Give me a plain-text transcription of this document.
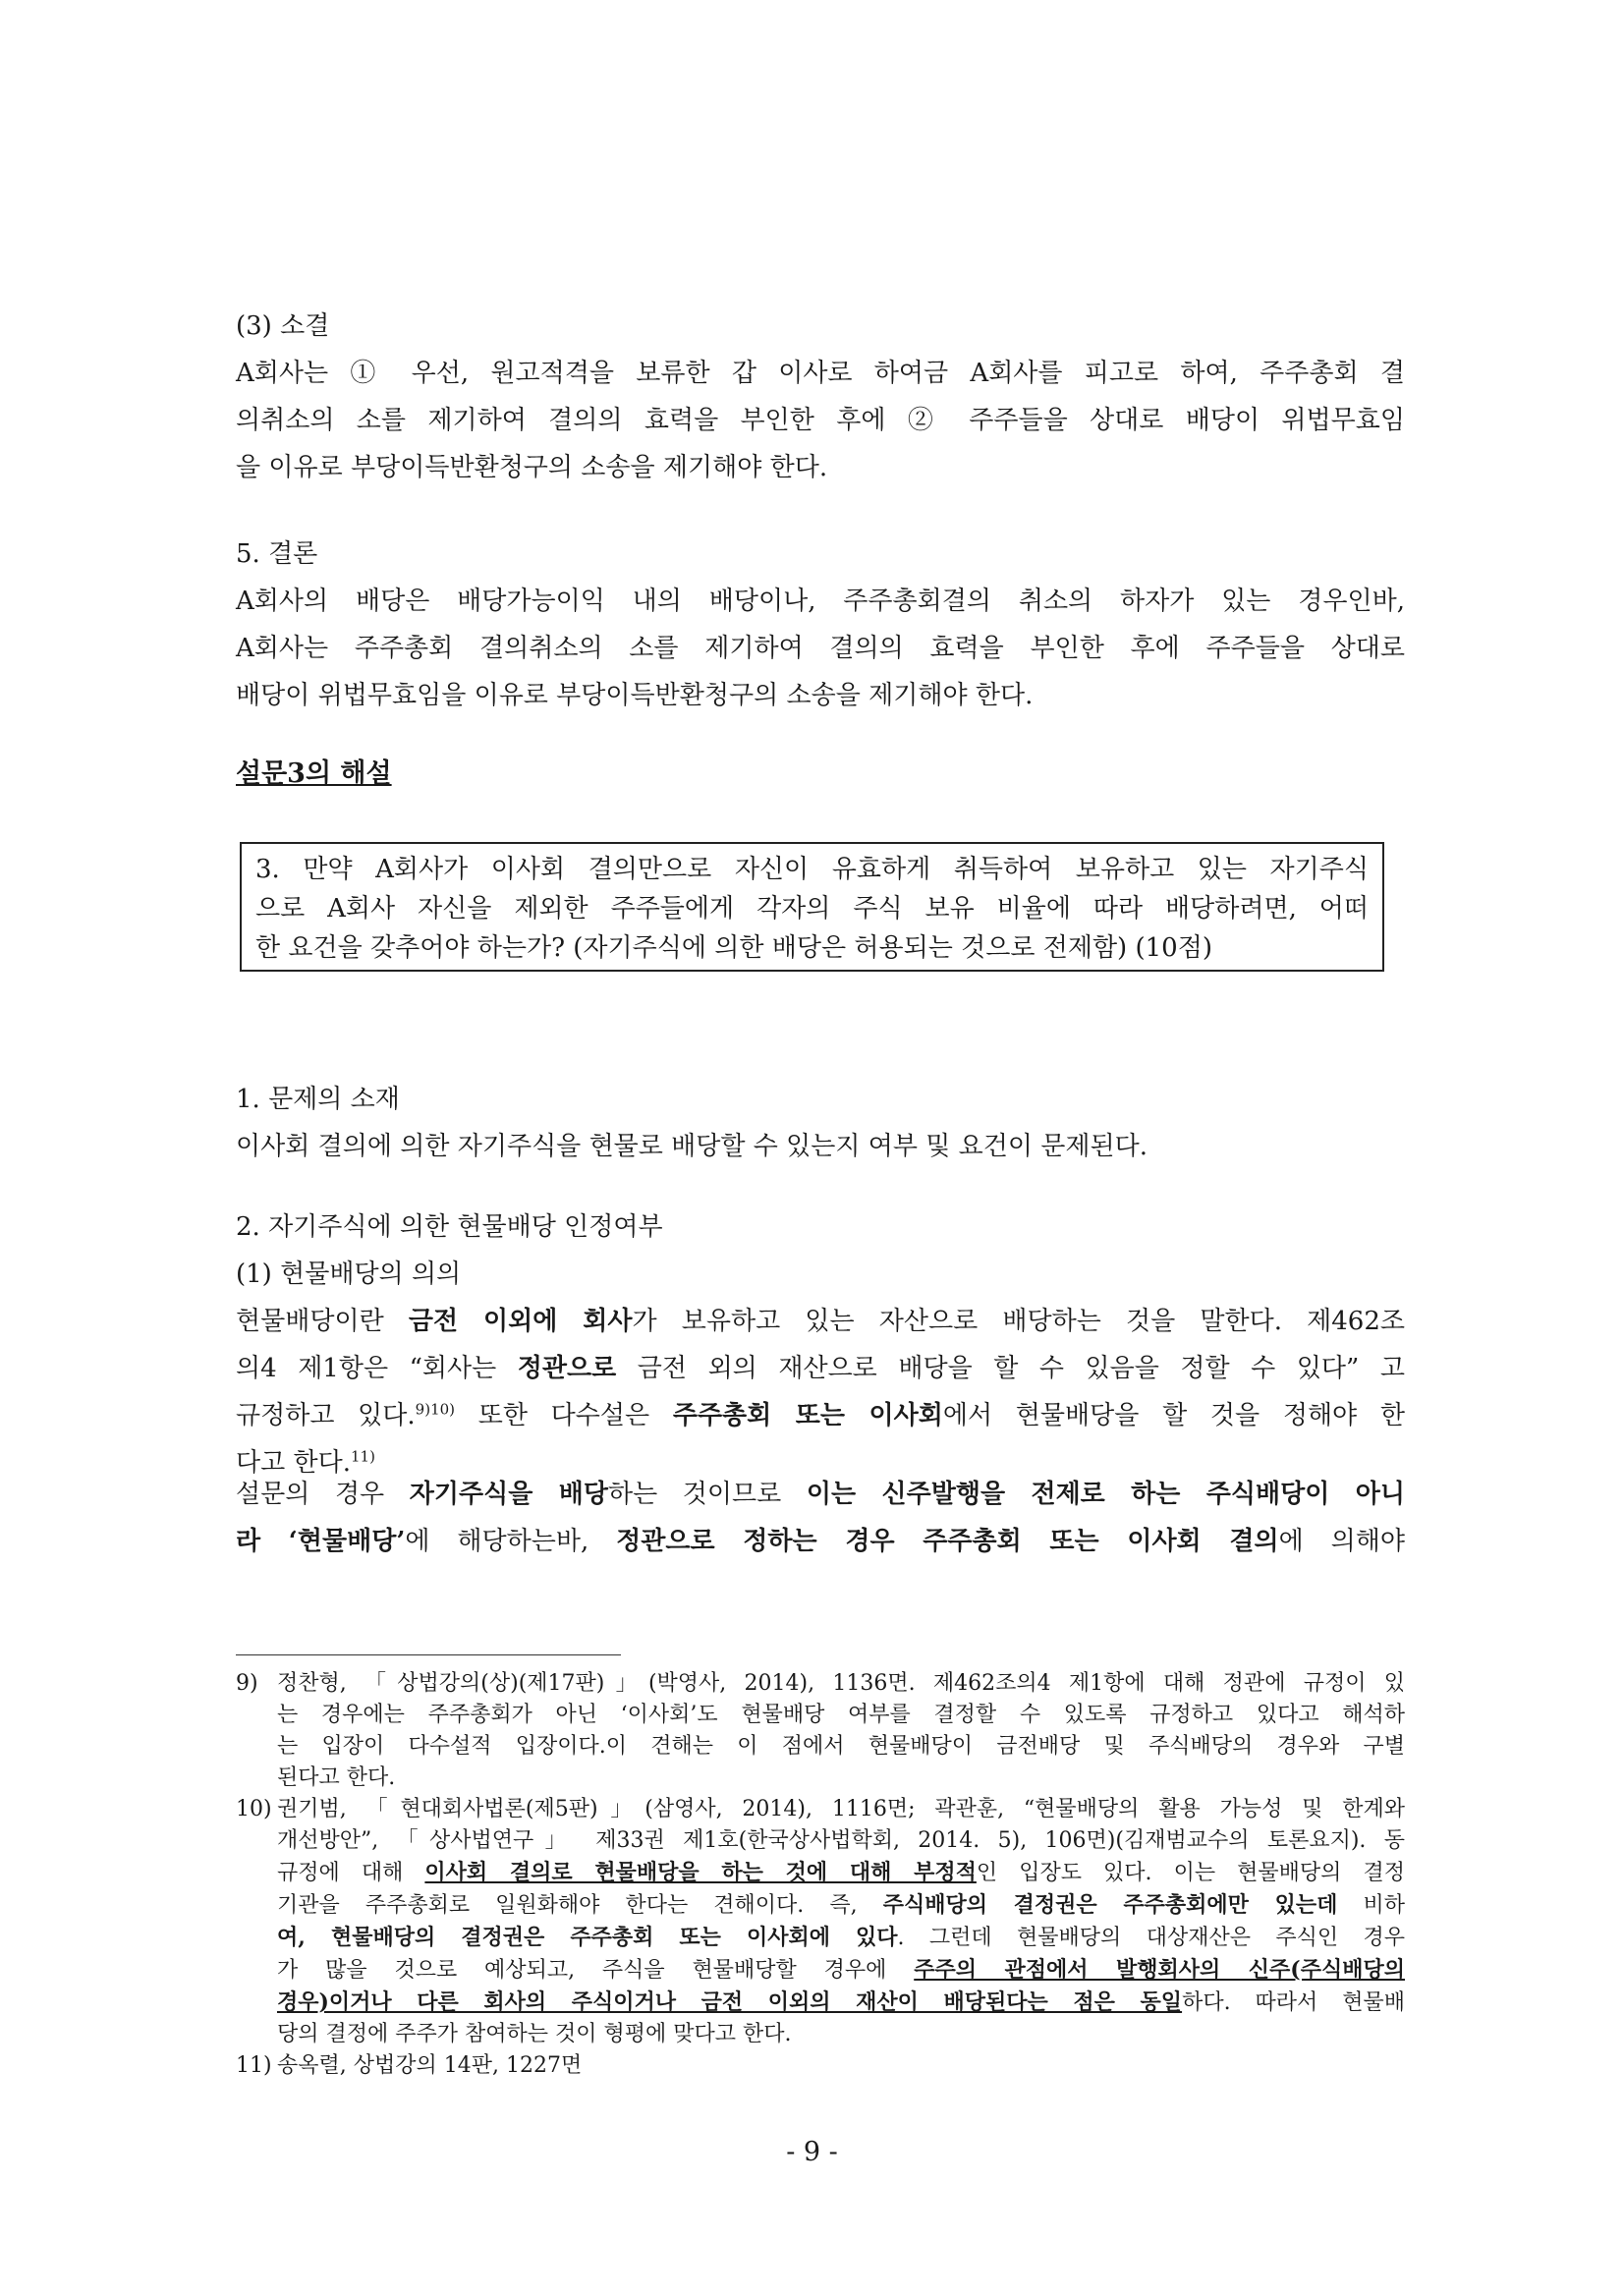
(3) 소결
A회사는 ① 우선, 원고적격을 보류한 갑 이사로 하여금 A회사를 피고로 하여, 주주총회 결
의취소의 소를 제기하여 결의의 효력을 부인한 후에 ② 주주들을 상대로 배당이 위법무효임
을 이유로 부당이득반환청구의 소송을 제기해야 한다.
5. 결론
A회사의 배당은 배당가능이익 내의 배당이나, 주주총회결의 취소의 하자가 있는 경우인바,
A회사는 주주총회 결의취소의 소를 제기하여 결의의 효력을 부인한 후에 주주들을 상대로
배당이 위법무효임을 이유로 부당이득반환청구의 소송을 제기해야 한다.
설문3의 해설
3. 만약 A회사가 이사회 결의만으로 자신이 유효하게 취득하여 보유하고 있는 자기주식
으로 A회사 자신을 제외한 주주들에게 각자의 주식 보유 비율에 따라 배당하려면, 어떠
한 요건을 갖추어야 하는가? (자기주식에 의한 배당은 허용되는 것으로 전제함) (10점)
1. 문제의 소재
이사회 결의에 의한 자기주식을 현물로 배당할 수 있는지 여부 및 요건이 문제된다.
2. 자기주식에 의한 현물배당 인정여부
(1) 현물배당의 의의
현물배당이란 금전 이외에 회사가 보유하고 있는 자산으로 배당하는 것을 말한다. 제462조
의4 제1항은 “회사는 정관으로 금전 외의 재산으로 배당을 할 수 있음을 정할 수 있다” 고
규정하고 있다.$^{9)10)}$ 또한 다수설은 주주총회 또는 이사회에서 현물배당을 할 것을 정해야 한
다고 한다.$^{11)}$
설문의 경우 자기주식을 배당하는 것이므로 이는 신주발행을 전제로 하는 주식배당이 아니
라 ‘현물배당’에 해당하는바, 정관으로 정하는 경우 주주총회 또는 이사회 결의에 의해야
9) 정찬형, 「상법강의(상)(제17판)」(박영사, 2014), 1136면. 제462조의4 제1항에 대해 정관에 규정이 있
는 경우에는 주주총회가 아닌 ‘이사회’도 현물배당 여부를 결정할 수 있도록 규정하고 있다고 해석하
는 입장이 다수설적 입장이다.이 견해는 이 점에서 현물배당이 금전배당 및 주식배당의 경우와 구별
된다고 한다.
10) 권기범, 「현대회사법론(제5판)」(삼영사, 2014), 1116면; 곽관훈, “현물배당의 활용 가능성 및 한계와
개선방안”, 「상사법연구」 제33권 제1호(한국상사법학회, 2014. 5), 106면)(김재범교수의 토론요지). 동
규정에 대해 이사회 결의로 현물배당을 하는 것에 대해 부정적인 입장도 있다. 이는 현물배당의 결정
기관을 주주총회로 일원화해야 한다는 견해이다. 즉, 주식배당의 결정권은 주주총회에만 있는데 비하
여, 현물배당의 결정권은 주주총회 또는 이사회에 있다. 그런데 현물배당의 대상재산은 주식인 경우
가 많을 것으로 예상되고, 주식을 현물배당할 경우에 주주의 관점에서 발행회사의 신주(주식배당의
경우)이거나 다른 회사의 주식이거나 금전 이외의 재산이 배당된다는 점은 동일하다. 따라서 현물배
당의 결정에 주주가 참여하는 것이 형평에 맞다고 한다.
11) 송옥렬, 상법강의 14판, 1227면
- 9 -
